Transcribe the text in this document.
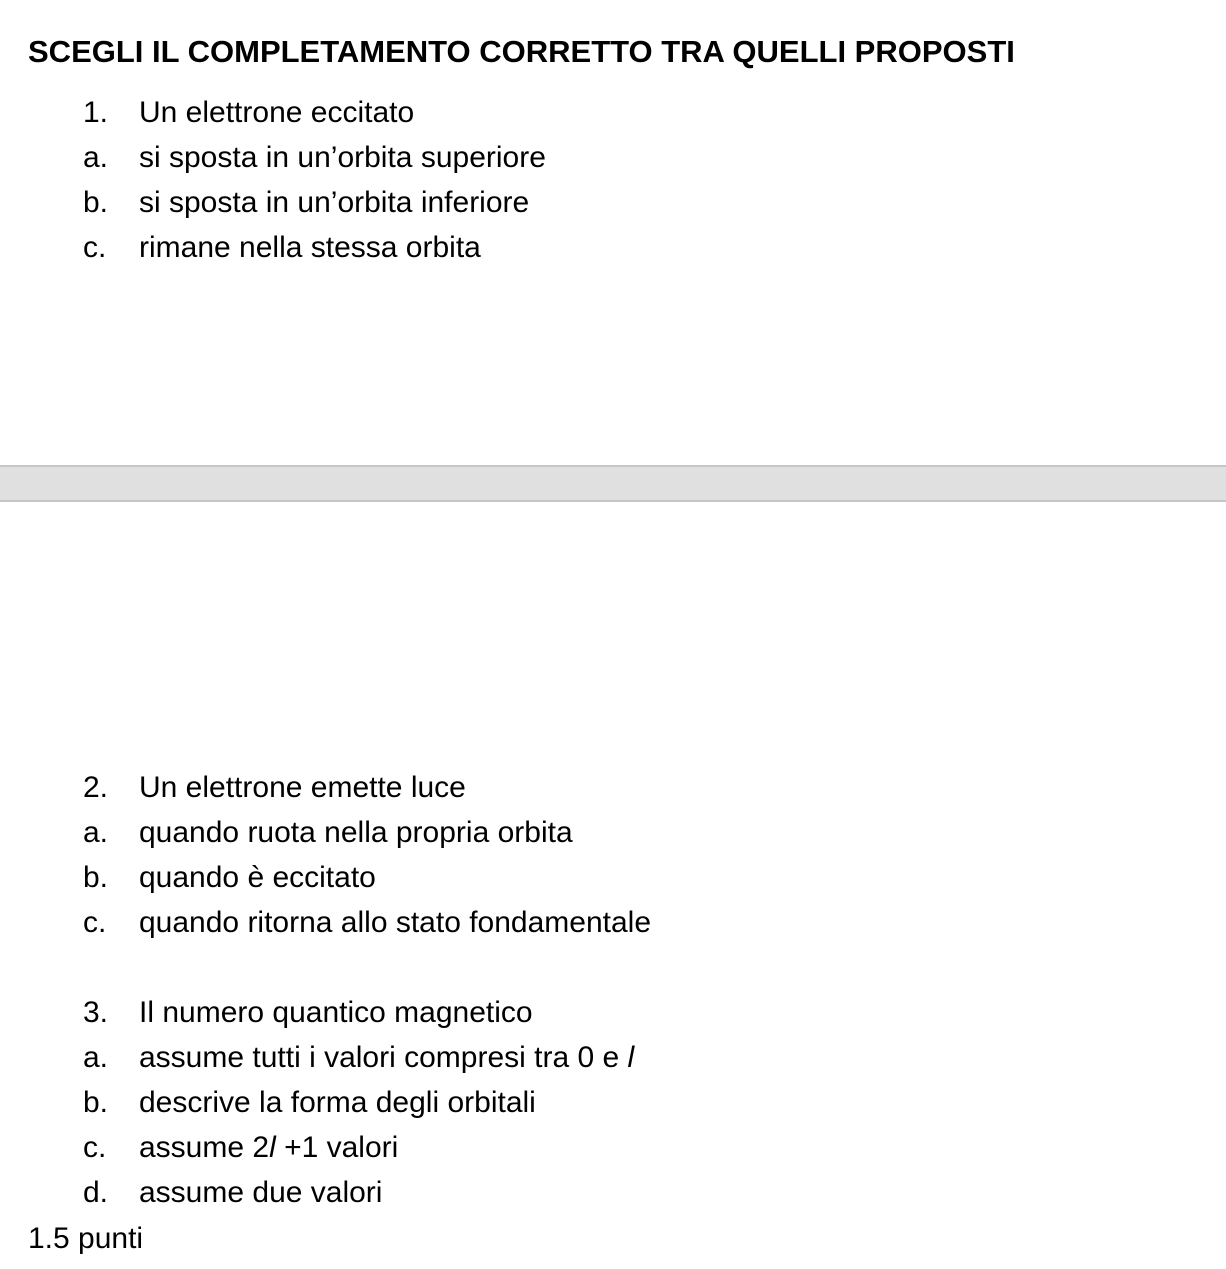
SCEGLI IL COMPLETAMENTO CORRETTO TRA QUELLI PROPOSTI
1. Un elettrone eccitato
a. si sposta in un’orbita superiore
b. si sposta in un’orbita inferiore
c. rimane nella stessa orbita
2. Un elettrone emette luce
a. quando ruota nella propria orbita
b. quando è eccitato
c. quando ritorna allo stato fondamentale
3. Il numero quantico magnetico
a. assume tutti i valori compresi tra 0 e l
b. descrive la forma degli orbitali
c. assume 2l +1 valori
d. assume due valori
1.5 punti
